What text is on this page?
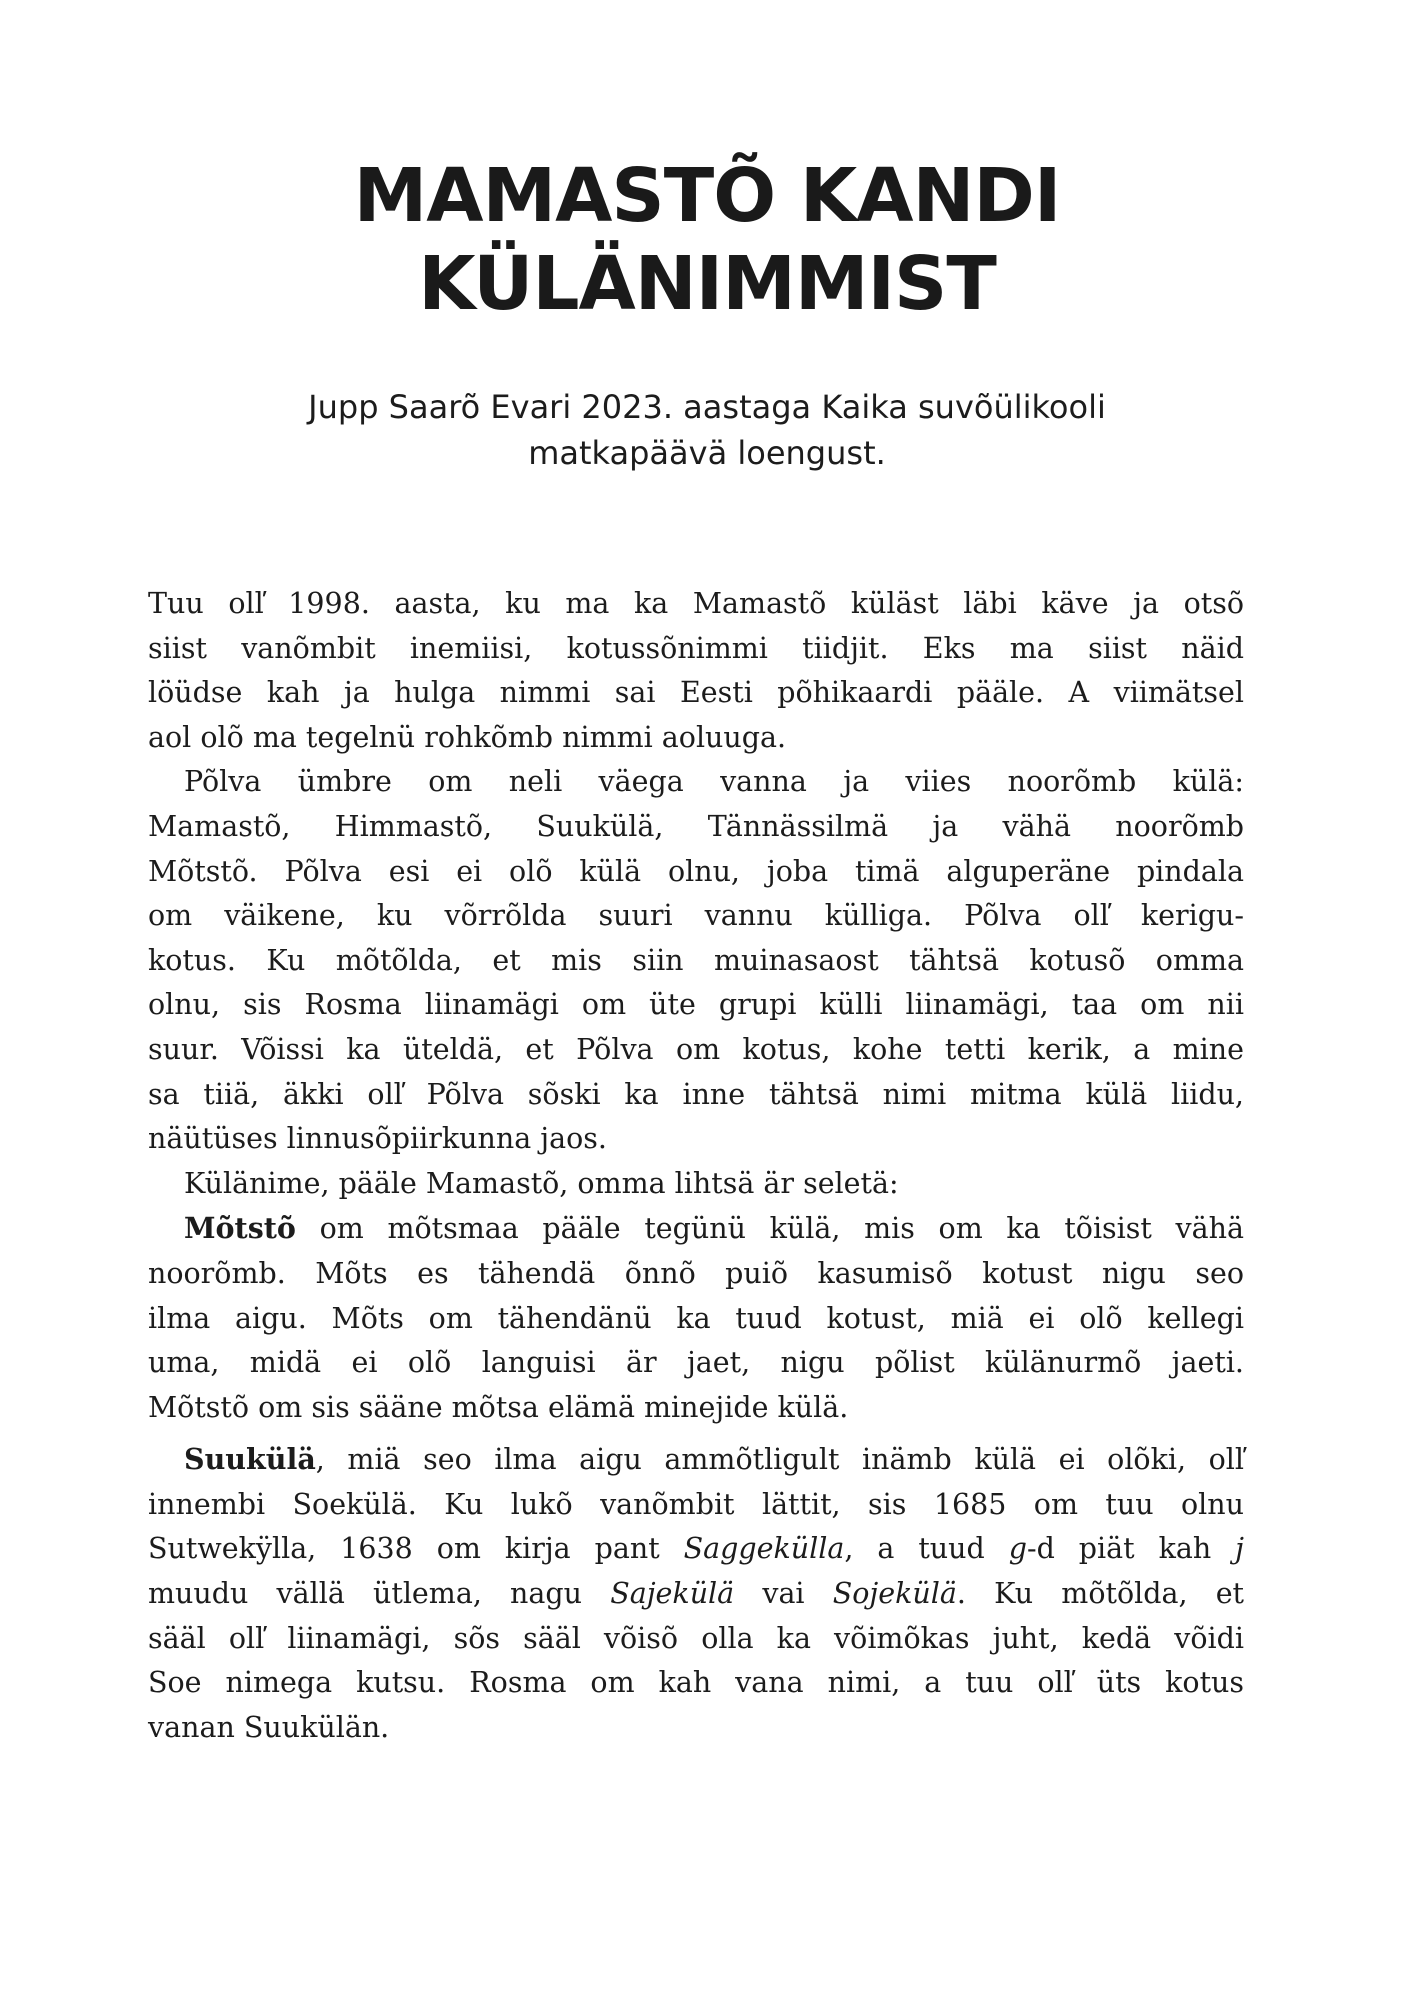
MAMASTÕ KANDI
KÜLÄNIMMIST

Jupp Saarõ Evari 2023. aastaga Kaika suvõülikooli
matkapäävä loengust.

Tuu olľ 1998. aasta, ku ma ka Mamastõ küläst läbi käve ja otsõ
siist vanõmbit inemiisi, kotussõnimmi tiidjit. Eks ma siist näid
löüdse kah ja hulga nimmi sai Eesti põhikaardi pääle. A viimätsel
aol olõ ma tegelnü rohkõmb nimmi aoluuga.
Põlva ümbre om neli väega vanna ja viies noorõmb külä:
Mamastõ, Himmastõ, Suukülä, Tännässilmä ja vähä noorõmb
Mõtstõ. Põlva esi ei olõ külä olnu, joba timä alguperäne pindala
om väikene, ku võrrõlda suuri vannu külliga. Põlva olľ kerigu-
kotus. Ku mõtõlda, et mis siin muinasaost tähtsä kotusõ omma
olnu, sis Rosma liinamägi om üte grupi külli liinamägi, taa om nii
suur. Võissi ka üteldä, et Põlva om kotus, kohe tetti kerik, a mine
sa tiiä, äkki olľ Põlva sõski ka inne tähtsä nimi mitma külä liidu,
näütüses linnusõpiirkunna jaos.
Külänime, pääle Mamastõ, omma lihtsä är seletä:
Mõtstõ om mõtsmaa pääle tegünü külä, mis om ka tõisist vähä
noorõmb. Mõts es tähendä õnnõ puiõ kasumisõ kotust nigu seo
ilma aigu. Mõts om tähendänü ka tuud kotust, miä ei olõ kellegi
uma, midä ei olõ languisi är jaet, nigu põlist külänurmõ jaeti.
Mõtstõ om sis sääne mõtsa elämä minejide külä.
Suukülä, miä seo ilma aigu ammõtligult inämb külä ei olõki, olľ
innembi Soekülä. Ku lukõ vanõmbit lättit, sis 1685 om tuu olnu
Sutwekÿlla, 1638 om kirja pant Saggekülla, a tuud g-d piät kah j
muudu vällä ütlema, nagu Sajekülä vai Sojekülä. Ku mõtõlda, et
sääl olľ liinamägi, sõs sääl võisõ olla ka võimõkas juht, kedä võidi
Soe nimega kutsu. Rosma om kah vana nimi, a tuu olľ üts kotus
vanan Suukülän.
